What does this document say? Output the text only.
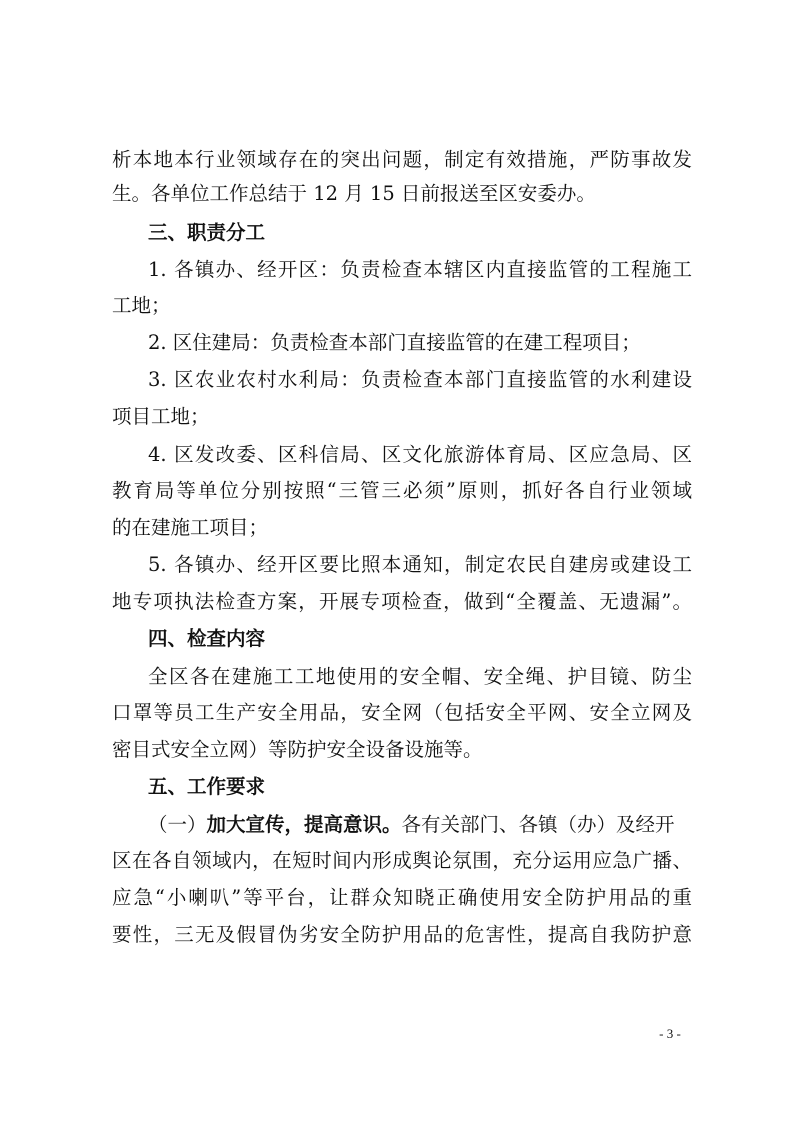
析本地本行业领域存在的突出问题，制定有效措施，严防事故发
生。各单位工作总结于 12 月 15 日前报送至区安委办。
三、职责分工
1. 各镇办、经开区：负责检查本辖区内直接监管的工程施工
工地；
2. 区住建局：负责检查本部门直接监管的在建工程项目；
3. 区农业农村水利局：负责检查本部门直接监管的水利建设
项目工地；
4. 区发改委、区科信局、区文化旅游体育局、区应急局、区
教育局等单位分别按照“三管三必须”原则，抓好各自行业领域
的在建施工项目；
5. 各镇办、经开区要比照本通知，制定农民自建房或建设工
地专项执法检查方案，开展专项检查，做到“全覆盖、无遗漏”。
四、检查内容
全区各在建施工工地使用的安全帽、安全绳、护目镜、防尘
口罩等员工生产安全用品，安全网（包括安全平网、安全立网及
密目式安全立网）等防护安全设备设施等。
五、工作要求
（一）加大宣传，提高意识。各有关部门、各镇（办）及经开
区在各自领域内，在短时间内形成舆论氛围，充分运用应急广播、
应急“小喇叭”等平台，让群众知晓正确使用安全防护用品的重
要性，三无及假冒伪劣安全防护用品的危害性，提高自我防护意
- 3 -
